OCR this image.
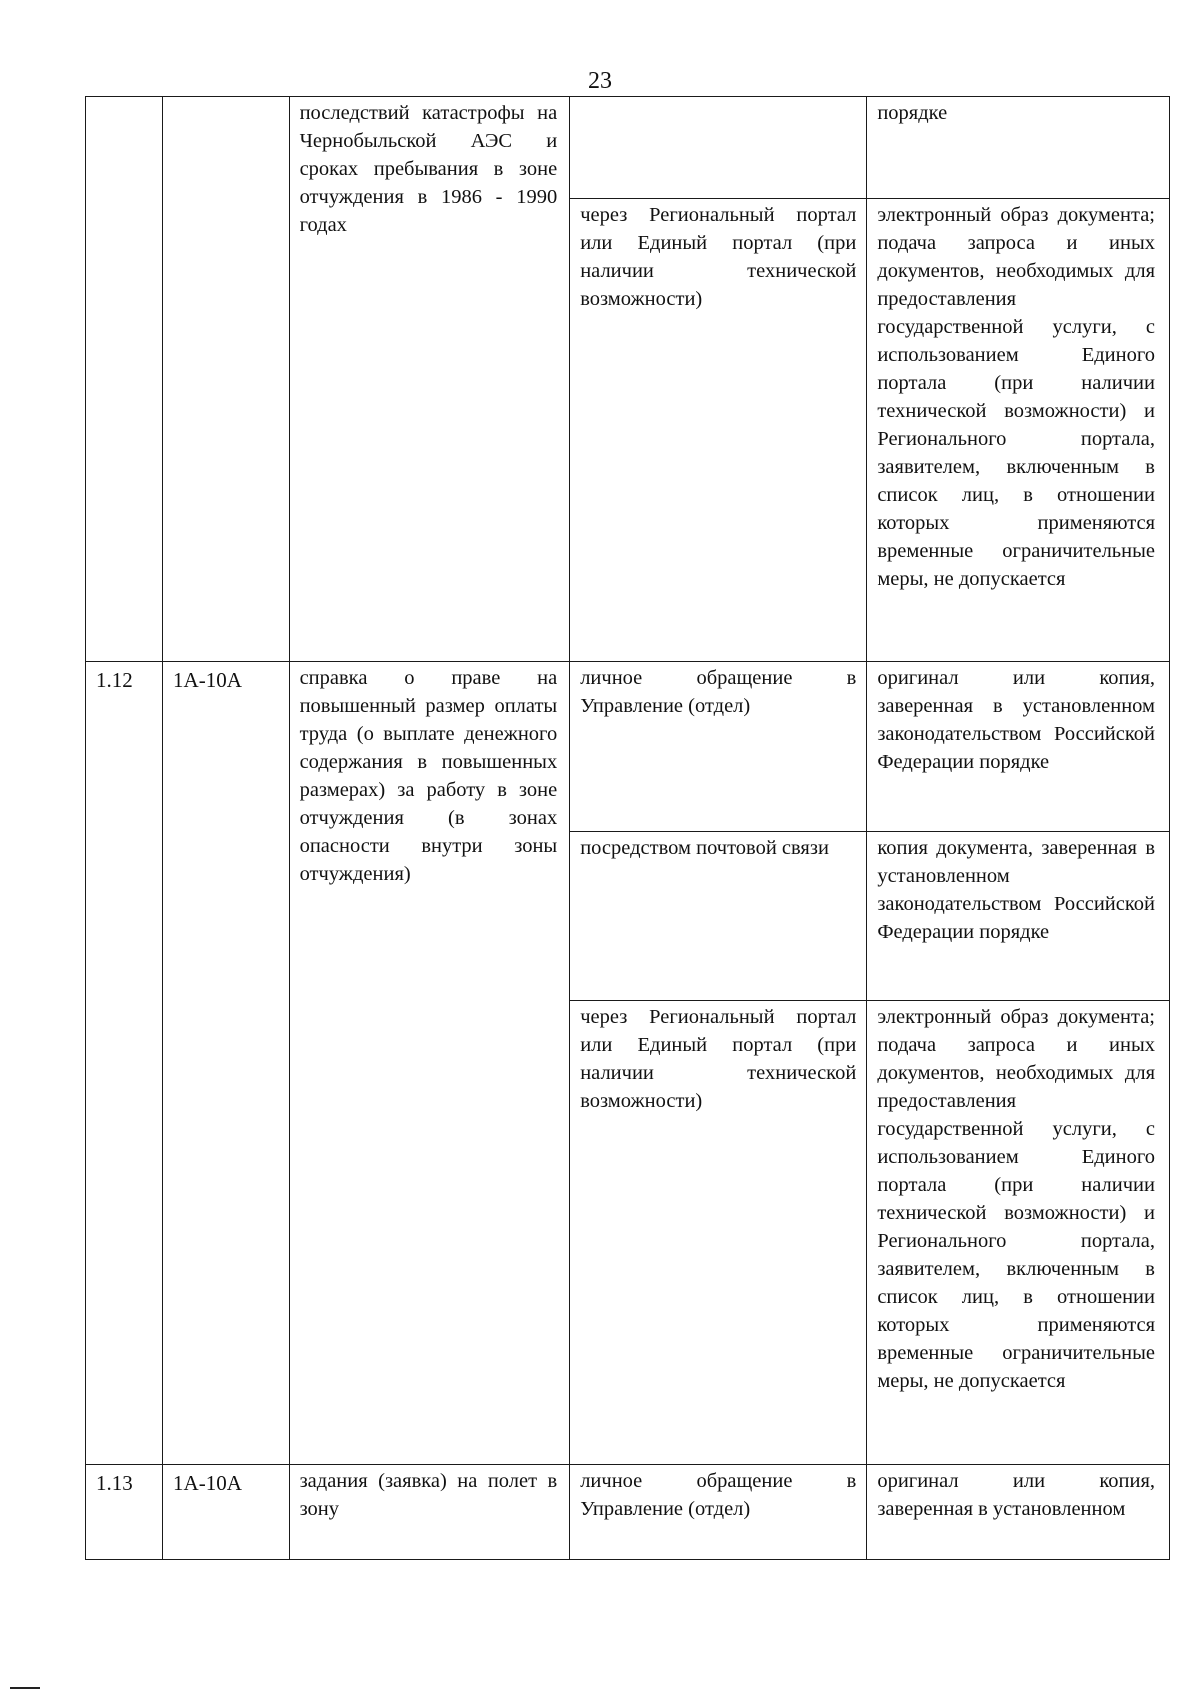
23
		последствий катастрофы на Чернобыльской АЭС и сроках пребывания в зоне отчуждения в 1986 - 1990 годах		порядке
			через Региональный портал или Единый портал (при наличии технической возможности)	электронный образ документа; подача запроса и иных документов, необходимых для предоставления государственной услуги, с использованием Единого портала (при наличии технической возможности) и Регионального портала, заявителем, включенным в список лиц, в отношении которых применяются временные ограничительные меры, не допускается
1.12	1А-10А	справка о праве на повышенный размер оплаты труда (о выплате денежного содержания в повышенных размерах) за работу в зоне отчуждения (в зонах опасности внутри зоны отчуждения)	личное обращение в Управление (отдел)	оригинал или копия, заверенная в установленном законодательством Российской Федерации порядке
			посредством почтовой связи	копия документа, заверенная в установленном законодательством Российской Федерации порядке
			через Региональный портал или Единый портал (при наличии технической возможности)	электронный образ документа; подача запроса и иных документов, необходимых для предоставления государственной услуги, с использованием Единого портала (при наличии технической возможности) и Регионального портала, заявителем, включенным в список лиц, в отношении которых применяются временные ограничительные меры, не допускается
1.13	1А-10А	задания (заявка) на полет в зону	личное обращение в Управление (отдел)	оригинал или копия, заверенная в установленном
